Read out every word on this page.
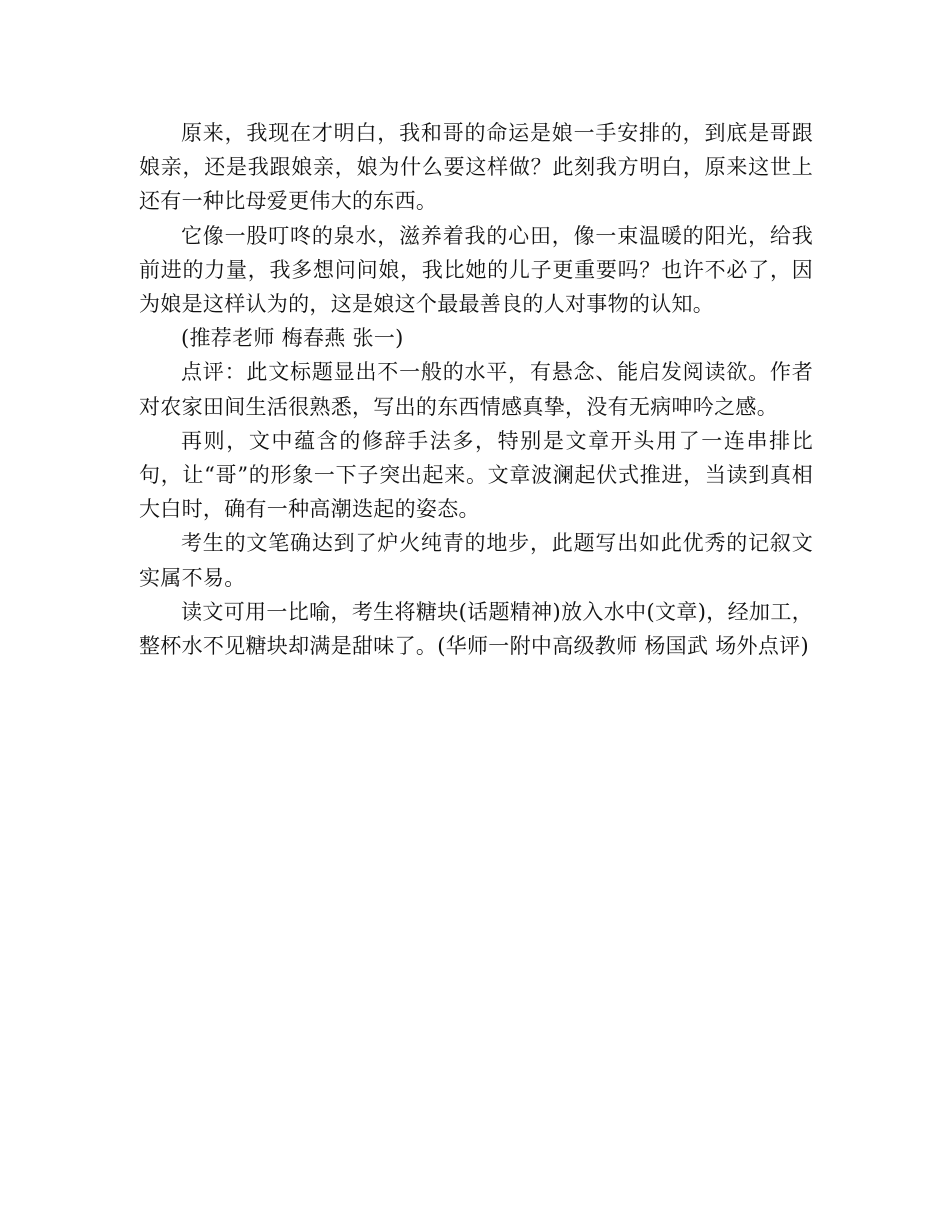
原来，我现在才明白，我和哥的命运是娘一手安排的，到底是哥跟娘亲，还是我跟娘亲，娘为什么要这样做？此刻我方明白，原来这世上还有一种比母爱更伟大的东西。

它像一股叮咚的泉水，滋养着我的心田，像一束温暖的阳光，给我前进的力量，我多想问问娘，我比她的儿子更重要吗？也许不必了，因为娘是这样认为的，这是娘这个最最善良的人对事物的认知。

(推荐老师 梅春燕 张一)

点评：此文标题显出不一般的水平，有悬念、能启发阅读欲。作者对农家田间生活很熟悉，写出的东西情感真挚，没有无病呻吟之感。

再则，文中蕴含的修辞手法多，特别是文章开头用了一连串排比句，让“哥”的形象一下子突出起来。文章波澜起伏式推进，当读到真相大白时，确有一种高潮迭起的姿态。

考生的文笔确达到了炉火纯青的地步，此题写出如此优秀的记叙文实属不易。

读文可用一比喻，考生将糖块(话题精神)放入水中(文章)，经加工，整杯水不见糖块却满是甜味了。(华师一附中高级教师 杨国武 场外点评)
